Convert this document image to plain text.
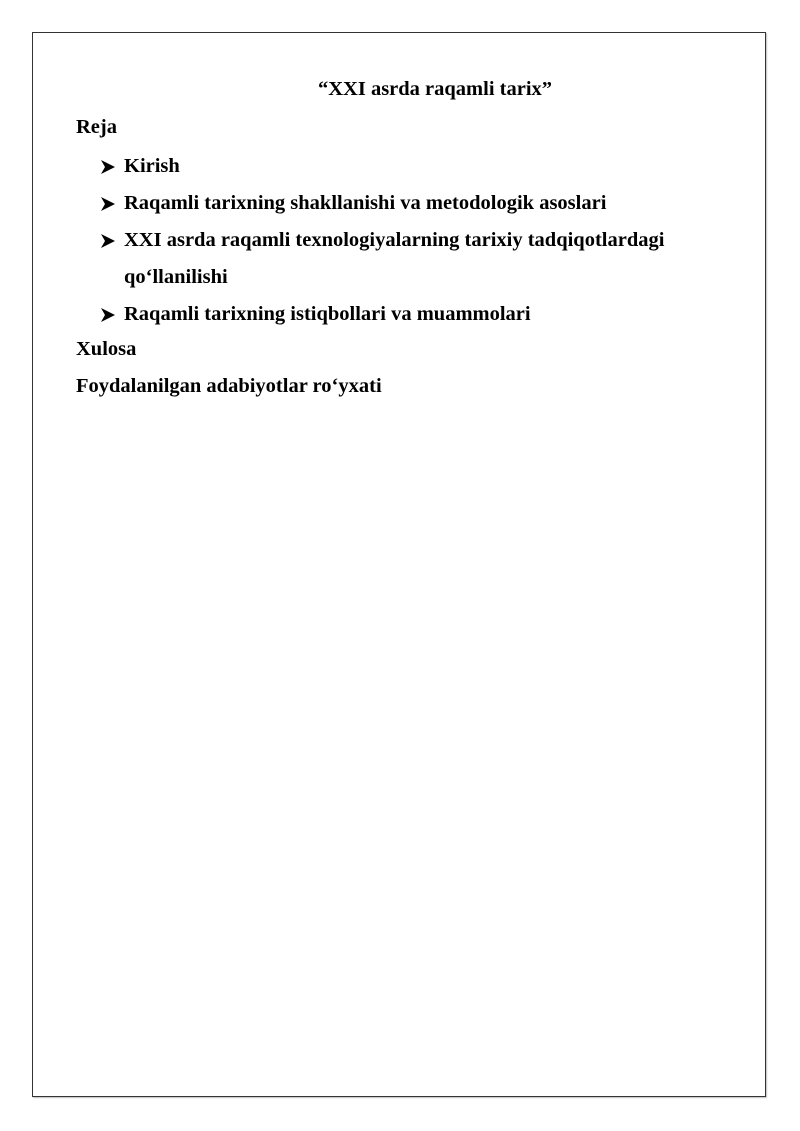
“XXI asrda raqamli tarix”
Reja
Kirish
Raqamli tarixning shakllanishi va metodologik asoslari
XXI asrda raqamli texnologiyalarning tarixiy tadqiqotlardagi qo‘llanilishi
Raqamli tarixning istiqbollari va muammolari
Xulosa
Foydalanilgan adabiyotlar ro‘yxati
